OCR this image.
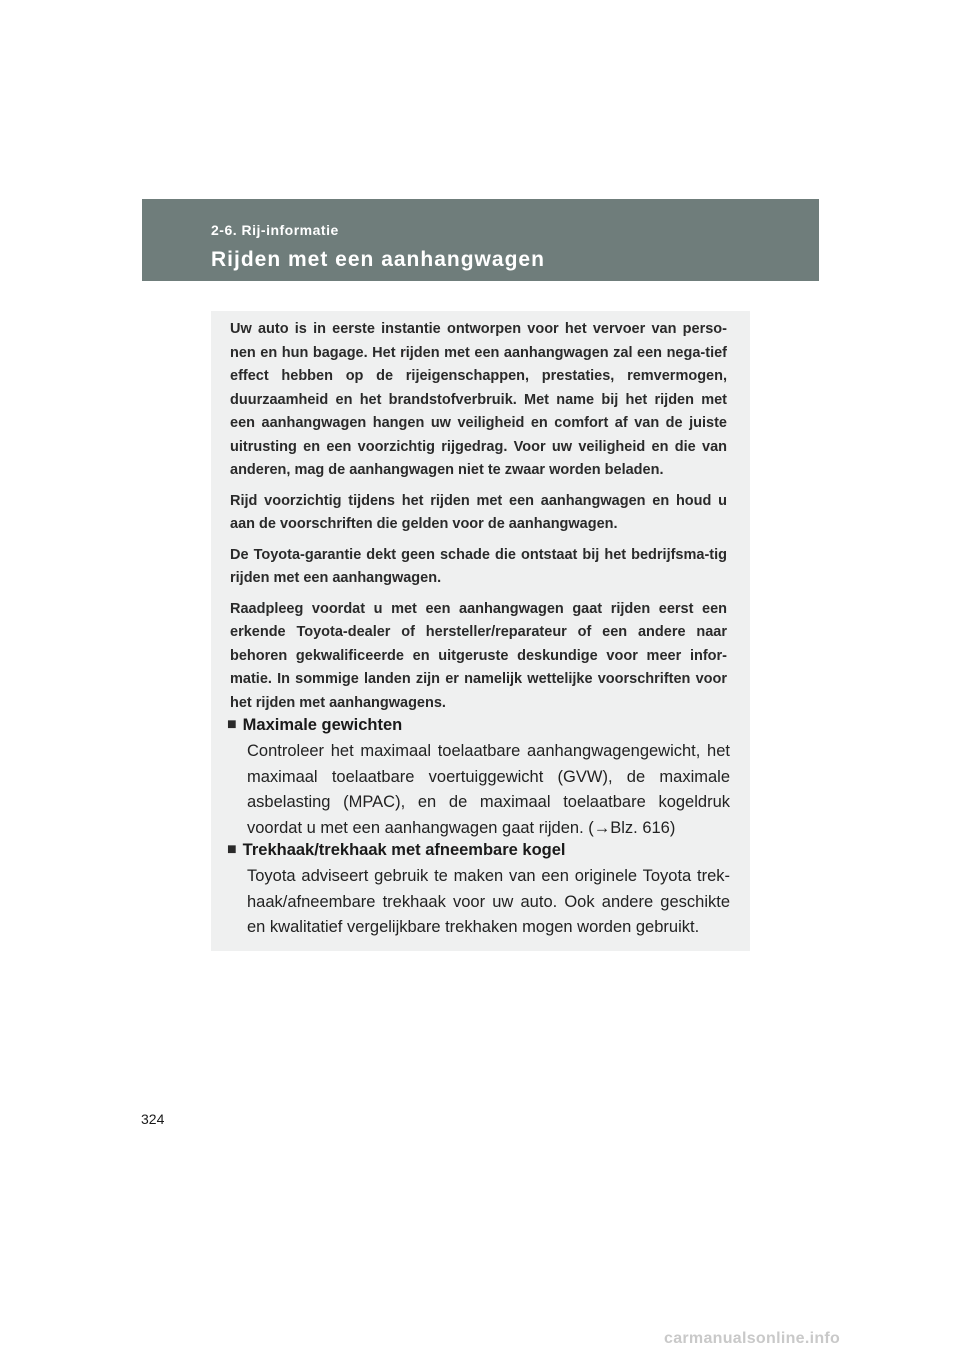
2-6. Rij-informatie
Rijden met een aanhangwagen

Uw auto is in eerste instantie ontworpen voor het vervoer van perso-nen en hun bagage. Het rijden met een aanhangwagen zal een nega-tief effect hebben op de rijeigenschappen, prestaties, remvermogen, duurzaamheid en het brandstofverbruik. Met name bij het rijden met een aanhangwagen hangen uw veiligheid en comfort af van de juiste uitrusting en een voorzichtig rijgedrag. Voor uw veiligheid en die van anderen, mag de aanhangwagen niet te zwaar worden beladen.

Rijd voorzichtig tijdens het rijden met een aanhangwagen en houd u aan de voorschriften die gelden voor de aanhangwagen.

De Toyota-garantie dekt geen schade die ontstaat bij het bedrijfsma-tig rijden met een aanhangwagen.

Raadpleeg voordat u met een aanhangwagen gaat rijden eerst een erkende Toyota-dealer of hersteller/reparateur of een andere naar behoren gekwalificeerde en uitgeruste deskundige voor meer infor-matie. In sommige landen zijn er namelijk wettelijke voorschriften voor het rijden met aanhangwagens.

■ Maximale gewichten
Controleer het maximaal toelaatbare aanhangwagengewicht, het maximaal toelaatbare voertuiggewicht (GVW), de maximale asbelasting (MPAC), en de maximaal toelaatbare kogeldruk voordat u met een aanhangwagen gaat rijden. (→Blz. 616)
■ Trekhaak/trekhaak met afneembare kogel
Toyota adviseert gebruik te maken van een originele Toyota trek-haak/afneembare trekhaak voor uw auto. Ook andere geschikte en kwalitatief vergelijkbare trekhaken mogen worden gebruikt.
324
carmanualsonline.info
